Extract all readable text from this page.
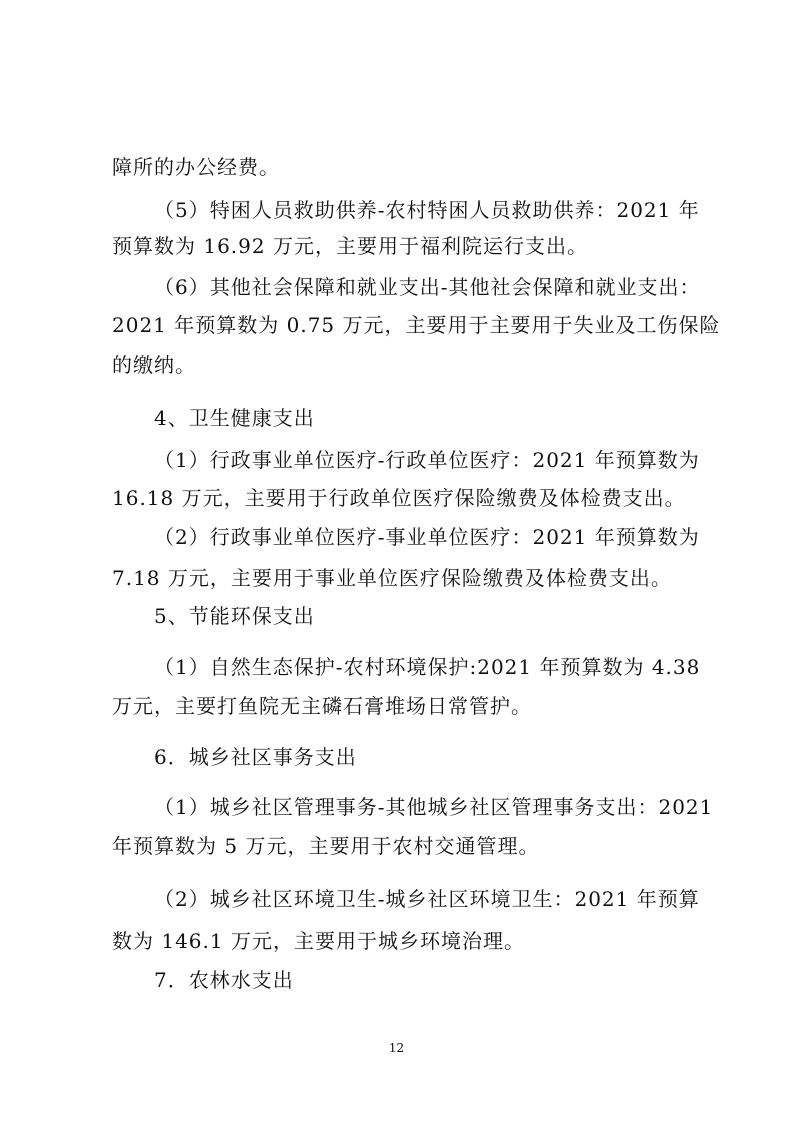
障所的办公经费。
（5）特困人员救助供养-农村特困人员救助供养：2021 年
预算数为 16.92 万元，主要用于福利院运行支出。
（6）其他社会保障和就业支出-其他社会保障和就业支出：
2021 年预算数为 0.75 万元，主要用于主要用于失业及工伤保险
的缴纳。
4、卫生健康支出
（1）行政事业单位医疗-行政单位医疗：2021 年预算数为
16.18 万元，主要用于行政单位医疗保险缴费及体检费支出。
（2）行政事业单位医疗-事业单位医疗：2021 年预算数为
7.18 万元，主要用于事业单位医疗保险缴费及体检费支出。
5、节能环保支出
（1）自然生态保护-农村环境保护:2021 年预算数为 4.38
万元，主要打鱼院无主磷石膏堆场日常管护。
6．城乡社区事务支出
（1）城乡社区管理事务-其他城乡社区管理事务支出：2021
年预算数为 5 万元，主要用于农村交通管理。
（2）城乡社区环境卫生-城乡社区环境卫生：2021 年预算
数为 146.1 万元，主要用于城乡环境治理。
7．农林水支出
12
